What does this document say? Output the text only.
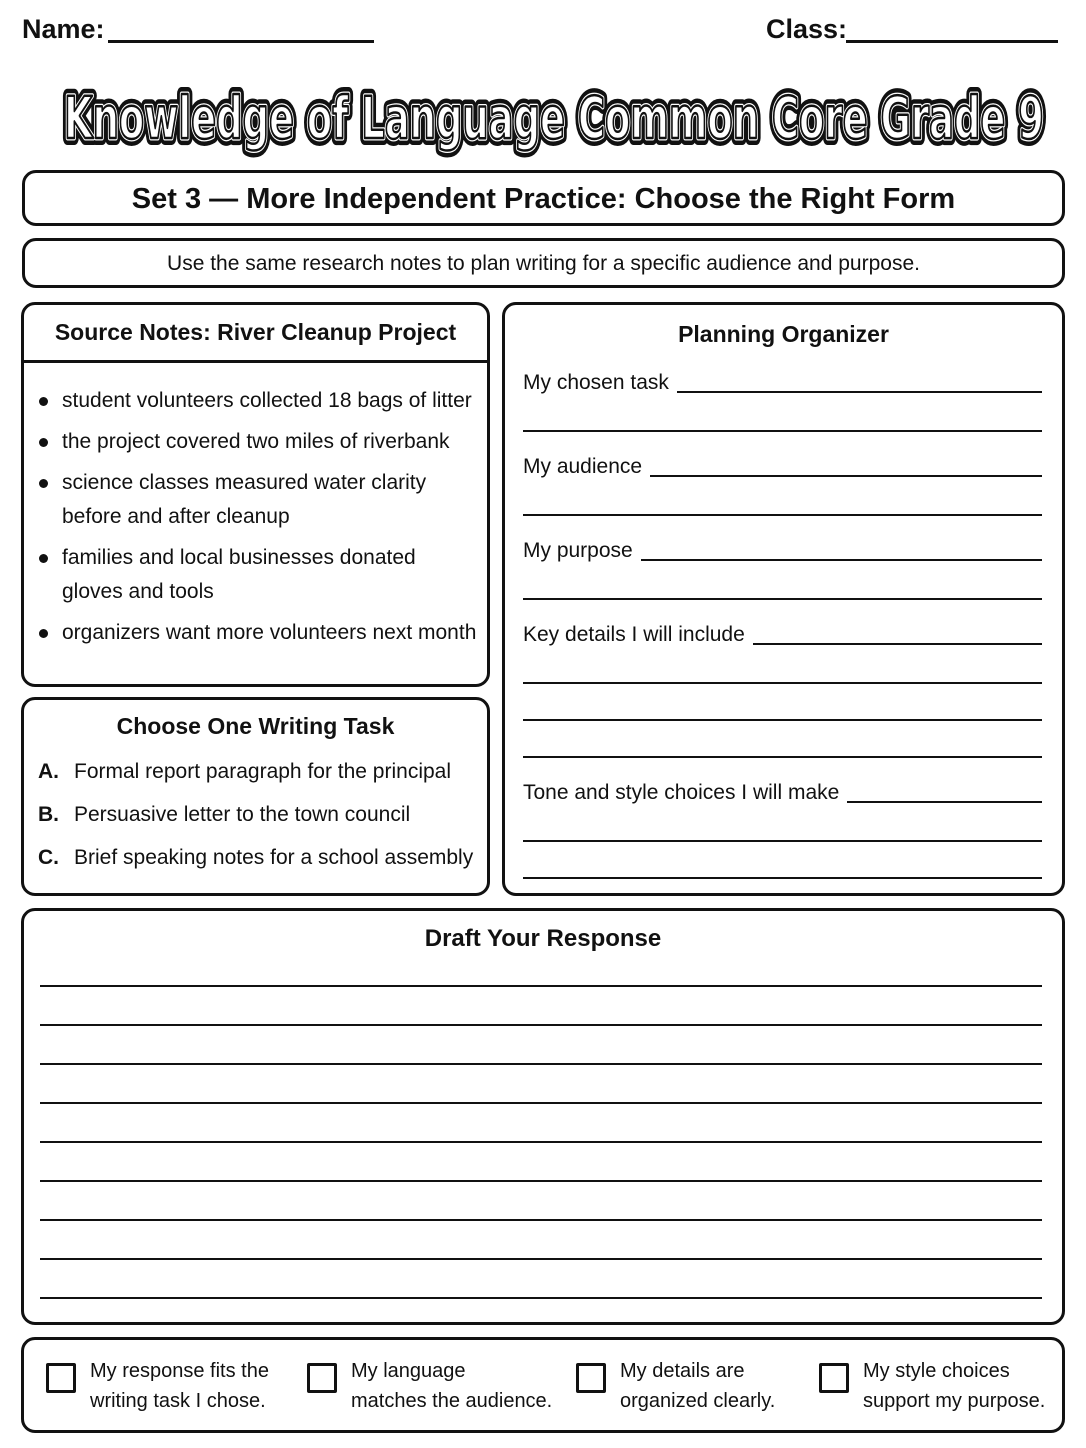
Name:	Class:
Knowledge of Language Common Core Grade 9
Knowledge of Language Common Core Grade 9
Knowledge of Language Common Core Grade 9
Set 3 — More Independent Practice: Choose the Right Form
Use the same research notes to plan writing for a specific audience and purpose.
Source Notes: River Cleanup Project
student volunteers collected 18 bags of litter
the project covered two miles of riverbank
science classes measured water clarity
before and after cleanup
families and local businesses donated
gloves and tools
organizers want more volunteers next month
Choose One Writing Task
A. Formal report paragraph for the principal
B. Persuasive letter to the town council
C. Brief speaking notes for a school assembly
Planning Organizer
My chosen task
My audience
My purpose
Key details I will include
Tone and style choices I will make
Draft Your Response
My response fits the
writing task I chose.
My language
matches the audience.
My details are
organized clearly.
My style choices
support my purpose.
